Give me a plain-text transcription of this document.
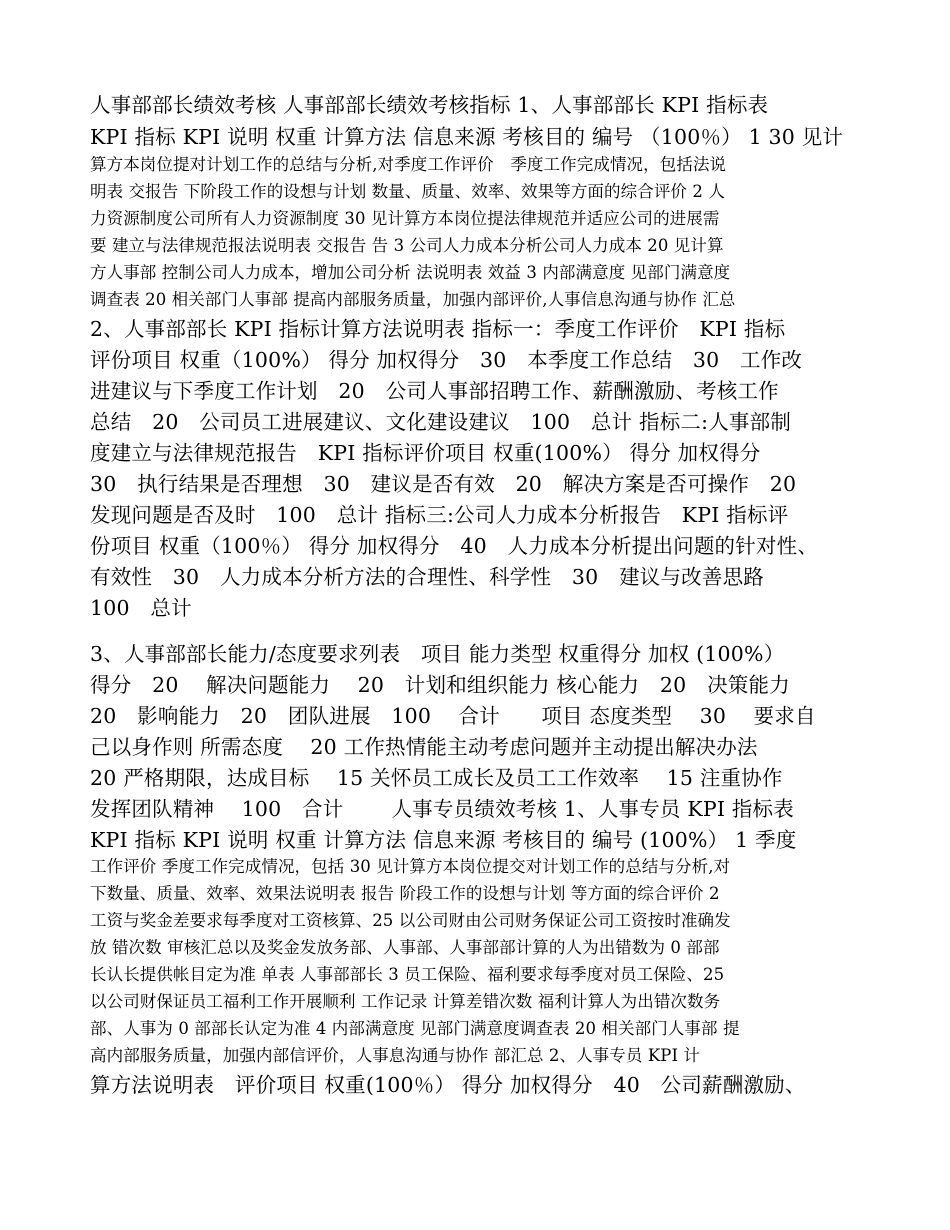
人事部部长绩效考核 人事部部长绩效考核指标 1、人事部部长 KPI 指标表
KPI 指标 KPI 说明 权重 计算方法 信息来源 考核目的 编号 （100％） 1 30 见计
算方本岗位提对计划工作的总结与分析,对季度工作评价　季度工作完成情况，包括法说
明表 交报告 下阶段工作的设想与计划 数量、质量、效率、效果等方面的综合评价 2 人
力资源制度公司所有人力资源制度 30 见计算方本岗位提法律规范并适应公司的进展需
要 建立与法律规范报法说明表 交报告 告 3 公司人力成本分析公司人力成本 20 见计算
方人事部 控制公司人力成本，增加公司分析 法说明表 效益 3 内部满意度 见部门满意度
调查表 20 相关部门人事部 提高内部服务质量，加强内部评价,人事信息沟通与协作 汇总
2、人事部部长 KPI 指标计算方法说明表 指标一：季度工作评价　KPI 指标
评份项目 权重（100%） 得分 加权得分　30　本季度工作总结　30　工作改
进建议与下季度工作计划　20　公司人事部招聘工作、薪酬激励、考核工作
总结　20　公司员工进展建议、文化建设建议　100　总计 指标二:人事部制
度建立与法律规范报告　KPI 指标评价项目 权重(100%） 得分 加权得分
30　执行结果是否理想　30　建议是否有效　20　解决方案是否可操作　20
发现问题是否及时　100　总计 指标三:公司人力成本分析报告　KPI 指标评
份项目 权重（100％） 得分 加权得分　40　人力成本分析提出问题的针对性、
有效性　30　人力成本分析方法的合理性、科学性　30　建议与改善思路
100　总计
3、人事部部长能力/态度要求列表　项目 能力类型 权重得分 加权 (100%）
得分　20　 解决问题能力　 20　计划和组织能力 核心能力　20　决策能力
20　影响能力　20　团队进展　100　 合计　　项目 态度类型　 30　 要求自
己以身作则 所需态度　 20 工作热情能主动考虑问题并主动提出解决办法
20 严格期限，达成目标　 15 关怀员工成长及员工工作效率　 15 注重协作
发挥团队精神　 100　合计　　 人事专员绩效考核 1、人事专员 KPI 指标表
KPI 指标 KPI 说明 权重 计算方法 信息来源 考核目的 编号 (100%） 1 季度
工作评价 季度工作完成情况，包括 30 见计算方本岗位提交对计划工作的总结与分析,对
下数量、质量、效率、效果法说明表 报告 阶段工作的设想与计划 等方面的综合评价 2
工资与奖金差要求每季度对工资核算、25 以公司财由公司财务保证公司工资按时准确发
放 错次数 审核汇总以及奖金发放务部、人事部、人事部部计算的人为出错数为 0 部部
长认长提供帐目定为准 单表 人事部部长 3 员工保险、福利要求每季度对员工保险、25
以公司财保证员工福利工作开展顺利 工作记录 计算差错次数 福利计算人为出错次数务
部、人事为 0 部部长认定为准 4 内部满意度 见部门满意度调查表 20 相关部门人事部 提
高内部服务质量，加强内部信评价，人事息沟通与协作 部汇总 2、人事专员 KPI 计
算方法说明表　评价项目 权重(100％） 得分 加权得分　40　公司薪酬激励、
